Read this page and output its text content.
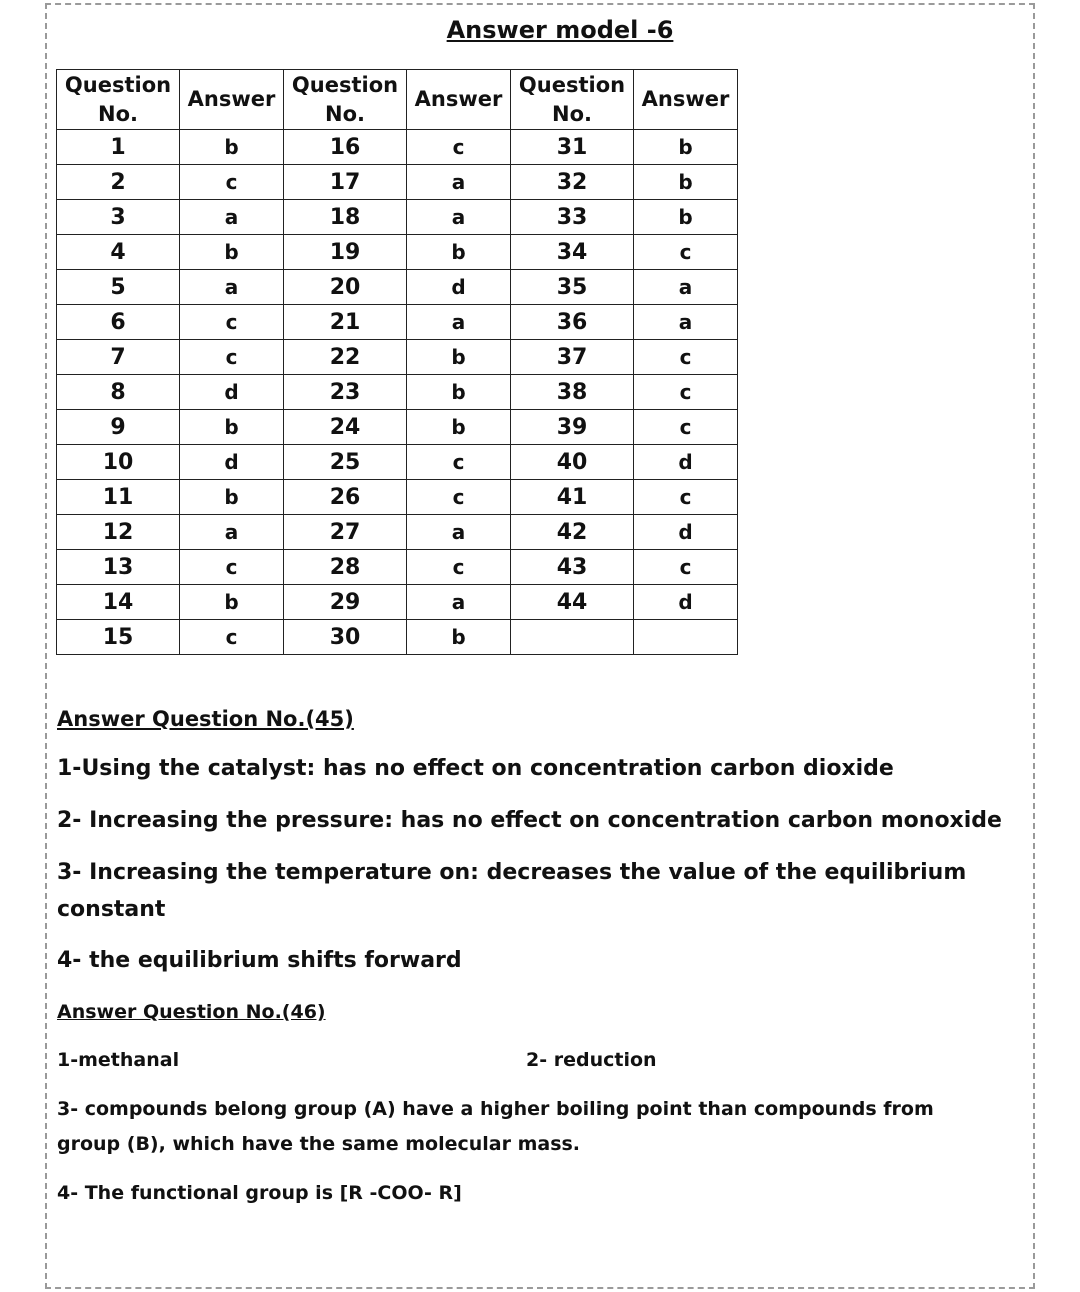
Answer model -6
Question No.	Answer	Question No.	Answer	Question No.	Answer
1	b	16	c	31	b
2	c	17	a	32	b
3	a	18	a	33	b
4	b	19	b	34	c
5	a	20	d	35	a
6	c	21	a	36	a
7	c	22	b	37	c
8	d	23	b	38	c
9	b	24	b	39	c
10	d	25	c	40	d
11	b	26	c	41	c
12	a	27	a	42	d
13	c	28	c	43	c
14	b	29	a	44	d
15	c	30	b		
Answer Question No.(45)
1-Using the catalyst: has no effect on concentration carbon dioxide
2- Increasing the pressure: has no effect on concentration carbon monoxide
3- Increasing the temperature on: decreases the value of the equilibrium
constant
4- the equilibrium shifts forward
Answer Question No.(46)
1-methanal	2- reduction
3- compounds belong group (A) have a higher boiling point than compounds from
group (B), which have the same molecular mass.
4- The functional group is [R -COO- R]
